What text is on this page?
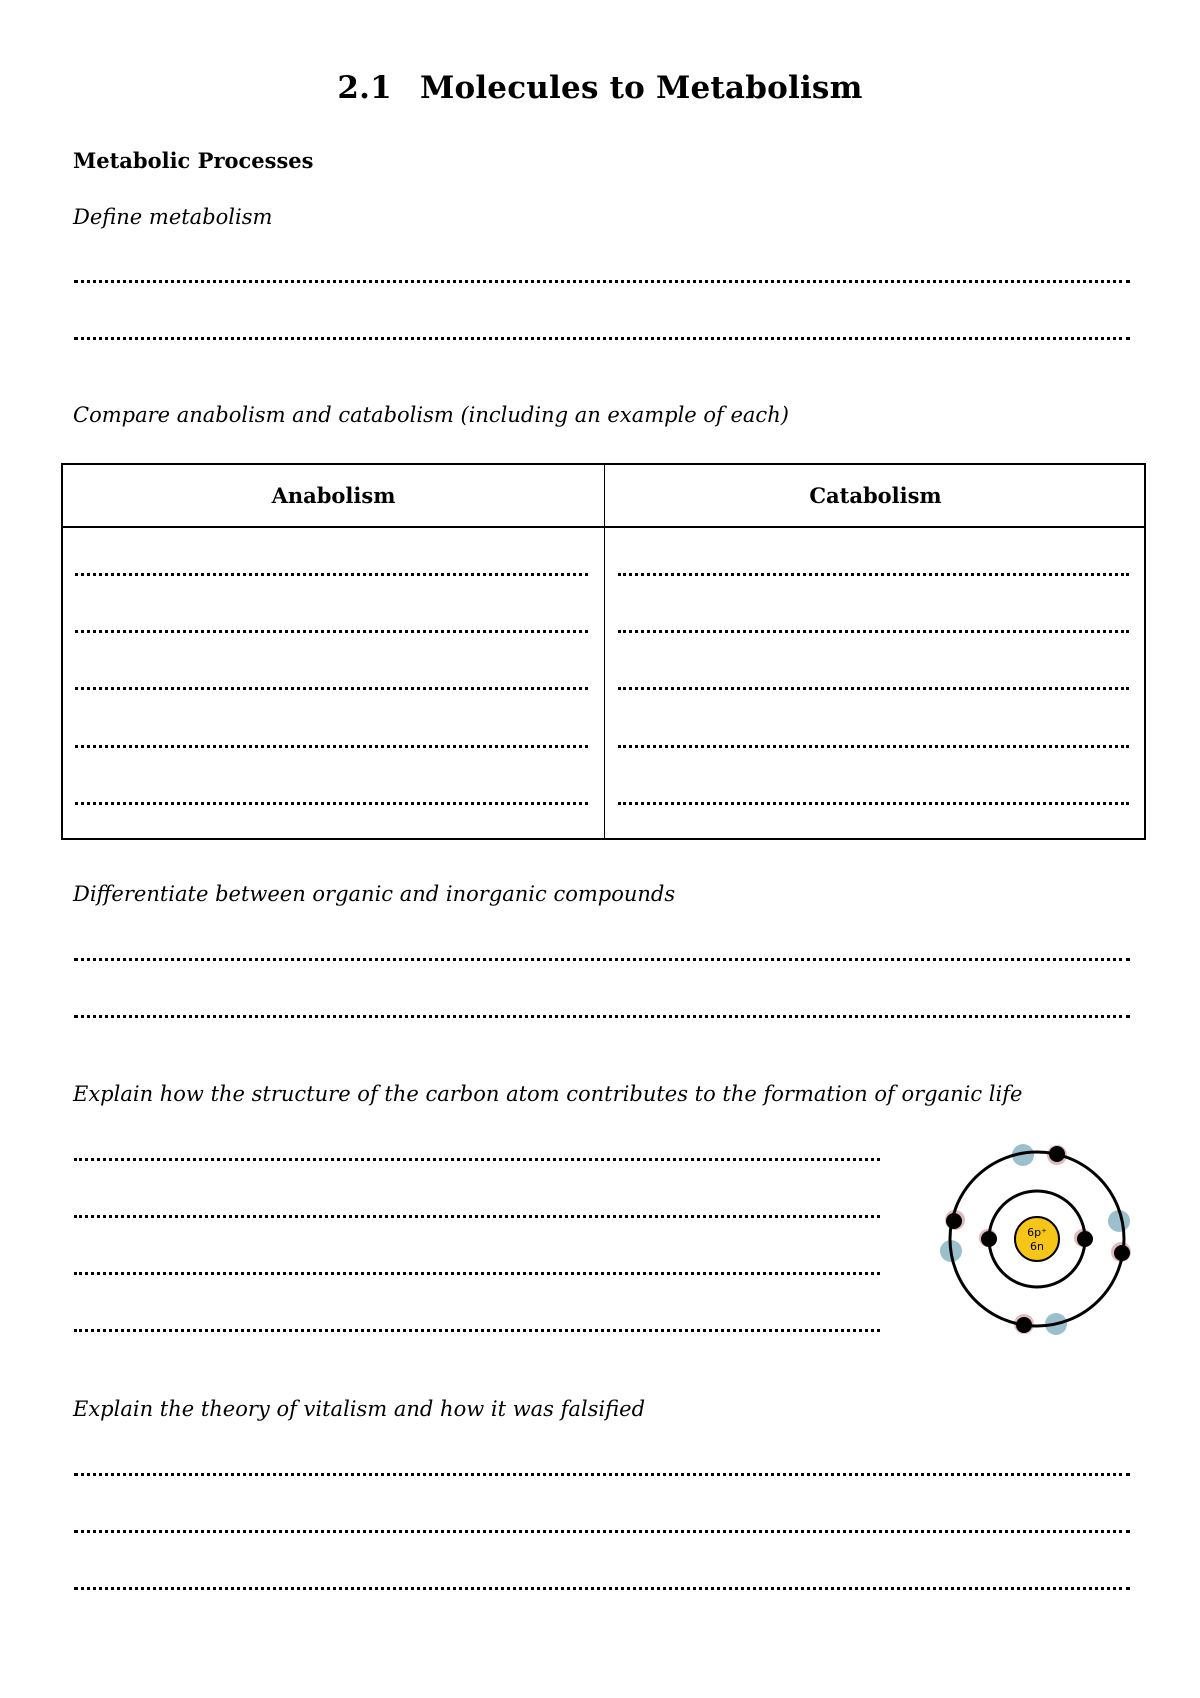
2.1 Molecules to Metabolism
Metabolic Processes
Define metabolism
Compare anabolism and catabolism (including an example of each)
Anabolism	Catabolism
Differentiate between organic and inorganic compounds
Explain how the structure of the carbon atom contributes to the formation of organic life
6p⁺
6n
Explain the theory of vitalism and how it was falsified
